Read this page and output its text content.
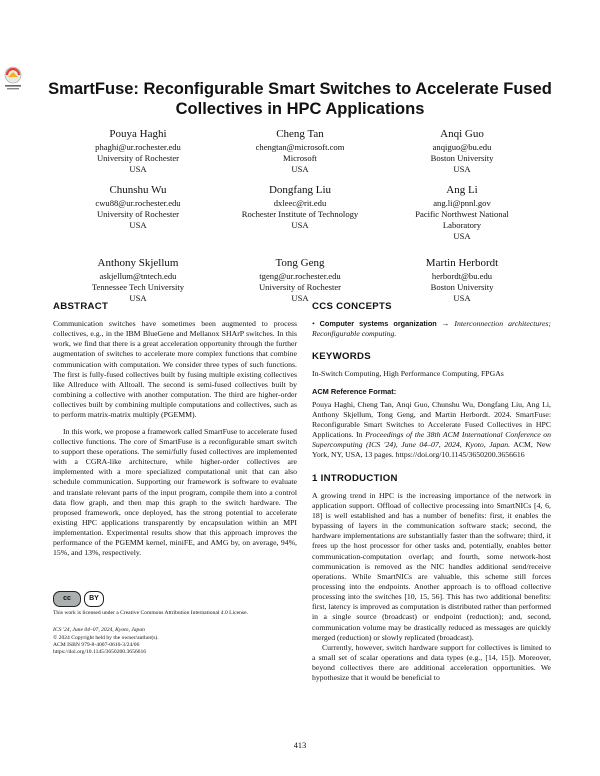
SmartFuse: Reconfigurable Smart Switches to Accelerate Fused
Collectives in HPC Applications
Pouya Haghi
phaghi@ur.rochester.edu
University of Rochester
USA
Cheng Tan
chengtan@microsoft.com
Microsoft
USA
Anqi Guo
anqiguo@bu.edu
Boston University
USA
Chunshu Wu
cwu88@ur.rochester.edu
University of Rochester
USA
Dongfang Liu
dxleec@rit.edu
Rochester Institute of Technology
USA
Ang Li
ang.li@pnnl.gov
Pacific Northwest National
Laboratory
USA
Anthony Skjellum
askjellum@tntech.edu
Tennessee Tech University
USA
Tong Geng
tgeng@ur.rochester.edu
University of Rochester
USA
Martin Herbordt
herbordt@bu.edu
Boston University
USA
ABSTRACT

Communication switches have sometimes been augmented to process collectives, e.g., in the IBM BlueGene and Mellanox SHArP switches. In this work, we find that there is a great acceleration opportunity through the further augmentation of switches to accelerate more complex functions that combine communication with computation. We consider three types of such functions. The first is fully-fused collectives built by fusing multiple existing collectives like Allreduce with Alltoall. The second is semi-fused collectives built by combining a collective with another computation. The third are higher-order collectives built by combining multiple computations and collectives, such as to perform matrix-matrix multiply (PGEMM).

In this work, we propose a framework called SmartFuse to accelerate fused collective functions. The core of SmartFuse is a reconfigurable smart switch to support these operations. The semi/fully fused collectives are implemented with a CGRA-like architecture, while higher-order collectives are implemented with a more specialized computational unit that can also schedule communication. Supporting our framework is software to evaluate and translate relevant parts of the input program, compile them into a control data flow graph, and then map this graph to the switch hardware. The proposed framework, once deployed, has the strong potential to accelerate existing HPC applications transparently by encapsulation within an MPI implementation. Experimental results show that this approach improves the performance of the PGEMM kernel, miniFE, and AMG by, on average, 94%, 15%, and 13%, respectively.

cc	BY
This work is licensed under a Creative Commons Attribution International 4.0 License.
ICS '24, June 04–07, 2024, Kyoto, Japan
© 2024 Copyright held by the owner/author(s).
ACM ISBN 979-8-4007-0610-3/24/06
https://doi.org/10.1145/3650200.3656616
CCS CONCEPTS

• Computer systems organization → Interconnection architectures; Reconfigurable computing.

KEYWORDS

In-Switch Computing, High Performance Computing, FPGAs

ACM Reference Format:

Pouya Haghi, Cheng Tan, Anqi Guo, Chunshu Wu, Dongfang Liu, Ang Li, Anthony Skjellum, Tong Geng, and Martin Herbordt. 2024. SmartFuse: Reconfigurable Smart Switches to Accelerate Fused Collectives in HPC Applications. In Proceedings of the 38th ACM International Conference on Supercomputing (ICS '24), June 04–07, 2024, Kyoto, Japan. ACM, New York, NY, USA, 13 pages. https://doi.org/10.1145/3650200.3656616

1 INTRODUCTION

A growing trend in HPC is the increasing importance of the network in application support. Offload of collective processing into SmartNICs [4, 6, 18] is well established and has a number of benefits: first, it enables the bypassing of layers in the communication software stack; second, the hardware implementations are substantially faster than the software; third, it frees up the host processor for other tasks and, potentially, enables better communication-computation overlap; and fourth, some network-host communication is removed as the NIC handles additional send/receive operations. While SmartNICs are valuable, this scheme still forces processing into the endpoints. Another approach is to offload collective processing into the switches [10, 15, 56]. This has two additional benefits: first, latency is improved as computation is distributed rather than performed in a single source (broadcast) or endpoint (reduction); and, second, communication volume may be drastically reduced as messages are quickly merged (reduction) or slowly replicated (broadcast).

Currently, however, switch hardware support for collectives is limited to a small set of scalar operations and data types (e.g., [14, 15]). Moreover, beyond collectives there are additional acceleration opportunities. We hypothesize that it would be beneficial to

413
